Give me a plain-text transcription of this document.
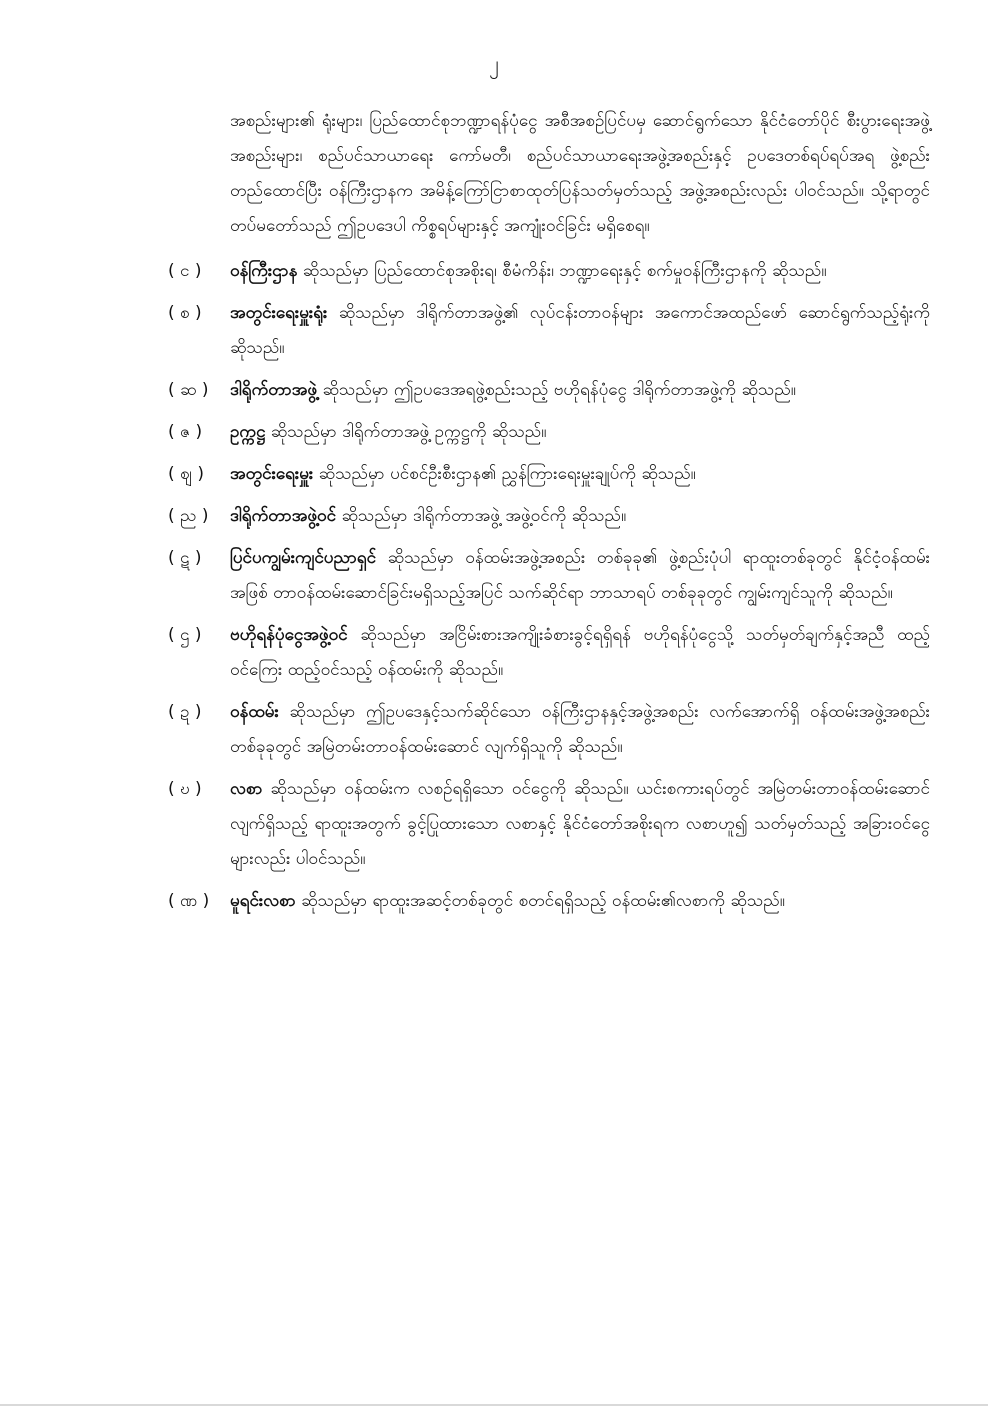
၂
အစည်းများ၏ ရုံးများ၊ ပြည်ထောင်စုဘဏ္ဍာရန်ပုံငွေ အစီအစဉ်ပြင်ပမှ ဆောင်ရွက်သော နိုင်ငံတော်ပိုင် စီးပွားရေးအဖွဲ့အစည်းများ၊ စည်ပင်သာယာရေး ကော်မတီ၊ စည်ပင်သာယာရေးအဖွဲ့အစည်းနှင့် ဥပဒေတစ်ရပ်ရပ်အရ ဖွဲ့စည်းတည်ထောင်ပြီး ဝန်ကြီးဌာနက အမိန့်ကြော်ငြာစာထုတ်ပြန်သတ်မှတ်သည့် အဖွဲ့အစည်းလည်း ပါဝင်သည်။ သို့ရာတွင် တပ်မတော်သည် ဤဥပဒေပါ ကိစ္စရပ်များနှင့် အကျုံးဝင်ခြင်း မရှိစေရ။
( င )	ဝန်ကြီးဌာန ဆိုသည်မှာ ပြည်ထောင်စုအစိုးရ၊ စီမံကိန်း၊ ဘဏ္ဍာရေးနှင့် စက်မှုဝန်ကြီးဌာနကို ဆိုသည်။
( စ )	အတွင်းရေးမှူးရုံး ဆိုသည်မှာ ဒါရိုက်တာအဖွဲ့၏ လုပ်ငန်းတာဝန်များ အကောင်အထည်ဖော် ဆောင်ရွက်သည့်ရုံးကို ဆိုသည်။
( ဆ )	ဒါရိုက်တာအဖွဲ့ ဆိုသည်မှာ ဤဥပဒေအရဖွဲ့စည်းသည့် ဗဟိုရန်ပုံငွေ ဒါရိုက်တာအဖွဲ့ကို ဆိုသည်။
( ဇ )	ဥက္ကဋ္ဌ ဆိုသည်မှာ ဒါရိုက်တာအဖွဲ့ ဥက္ကဋ္ဌကို ဆိုသည်။
( ဈ )	အတွင်းရေးမှူး ဆိုသည်မှာ ပင်စင်ဦးစီးဌာန၏ ညွှန်ကြားရေးမှူးချုပ်ကို ဆိုသည်။
( ည )	ဒါရိုက်တာအဖွဲ့ဝင် ဆိုသည်မှာ ဒါရိုက်တာအဖွဲ့ အဖွဲ့ဝင်ကို ဆိုသည်။
( ဋ )	ပြင်ပကျွမ်းကျင်ပညာရှင် ဆိုသည်မှာ ဝန်ထမ်းအဖွဲ့အစည်း တစ်ခုခု၏ ဖွဲ့စည်းပုံပါ ရာထူးတစ်ခုတွင် နိုင်ငံ့ဝန်ထမ်းအဖြစ် တာဝန်ထမ်းဆောင်ခြင်းမရှိသည့်အပြင် သက်ဆိုင်ရာ ဘာသာရပ် တစ်ခုခုတွင် ကျွမ်းကျင်သူကို ဆိုသည်။
( ဌ )	ဗဟိုရန်ပုံငွေအဖွဲ့ဝင် ဆိုသည်မှာ အငြိမ်းစားအကျိုးခံစားခွင့်ရရှိရန် ဗဟိုရန်ပုံငွေသို့ သတ်မှတ်ချက်နှင့်အညီ ထည့်ဝင်ကြေး ထည့်ဝင်သည့် ဝန်ထမ်းကို ဆိုသည်။
( ဍ )	ဝန်ထမ်း ဆိုသည်မှာ ဤဥပဒေနှင့်သက်ဆိုင်သော ဝန်ကြီးဌာနနှင့်အဖွဲ့အစည်း လက်အောက်ရှိ ဝန်ထမ်းအဖွဲ့အစည်းတစ်ခုခုတွင် အမြဲတမ်းတာဝန်ထမ်းဆောင် လျက်ရှိသူကို ဆိုသည်။
( ဎ )	လစာ ဆိုသည်မှာ ဝန်ထမ်းက လစဉ်ရရှိသော ဝင်ငွေကို ဆိုသည်။ ယင်းစကားရပ်တွင် အမြဲတမ်းတာဝန်ထမ်းဆောင်လျက်ရှိသည့် ရာထူးအတွက် ခွင့်ပြုထားသော လစာနှင့် နိုင်ငံတော်အစိုးရက လစာဟူ၍ သတ်မှတ်သည့် အခြားဝင်ငွေများလည်း ပါဝင်သည်။
( ဏ )	မူရင်းလစာ ဆိုသည်မှာ ရာထူးအဆင့်တစ်ခုတွင် စတင်ရရှိသည့် ဝန်ထမ်း၏လစာကို ဆိုသည်။
